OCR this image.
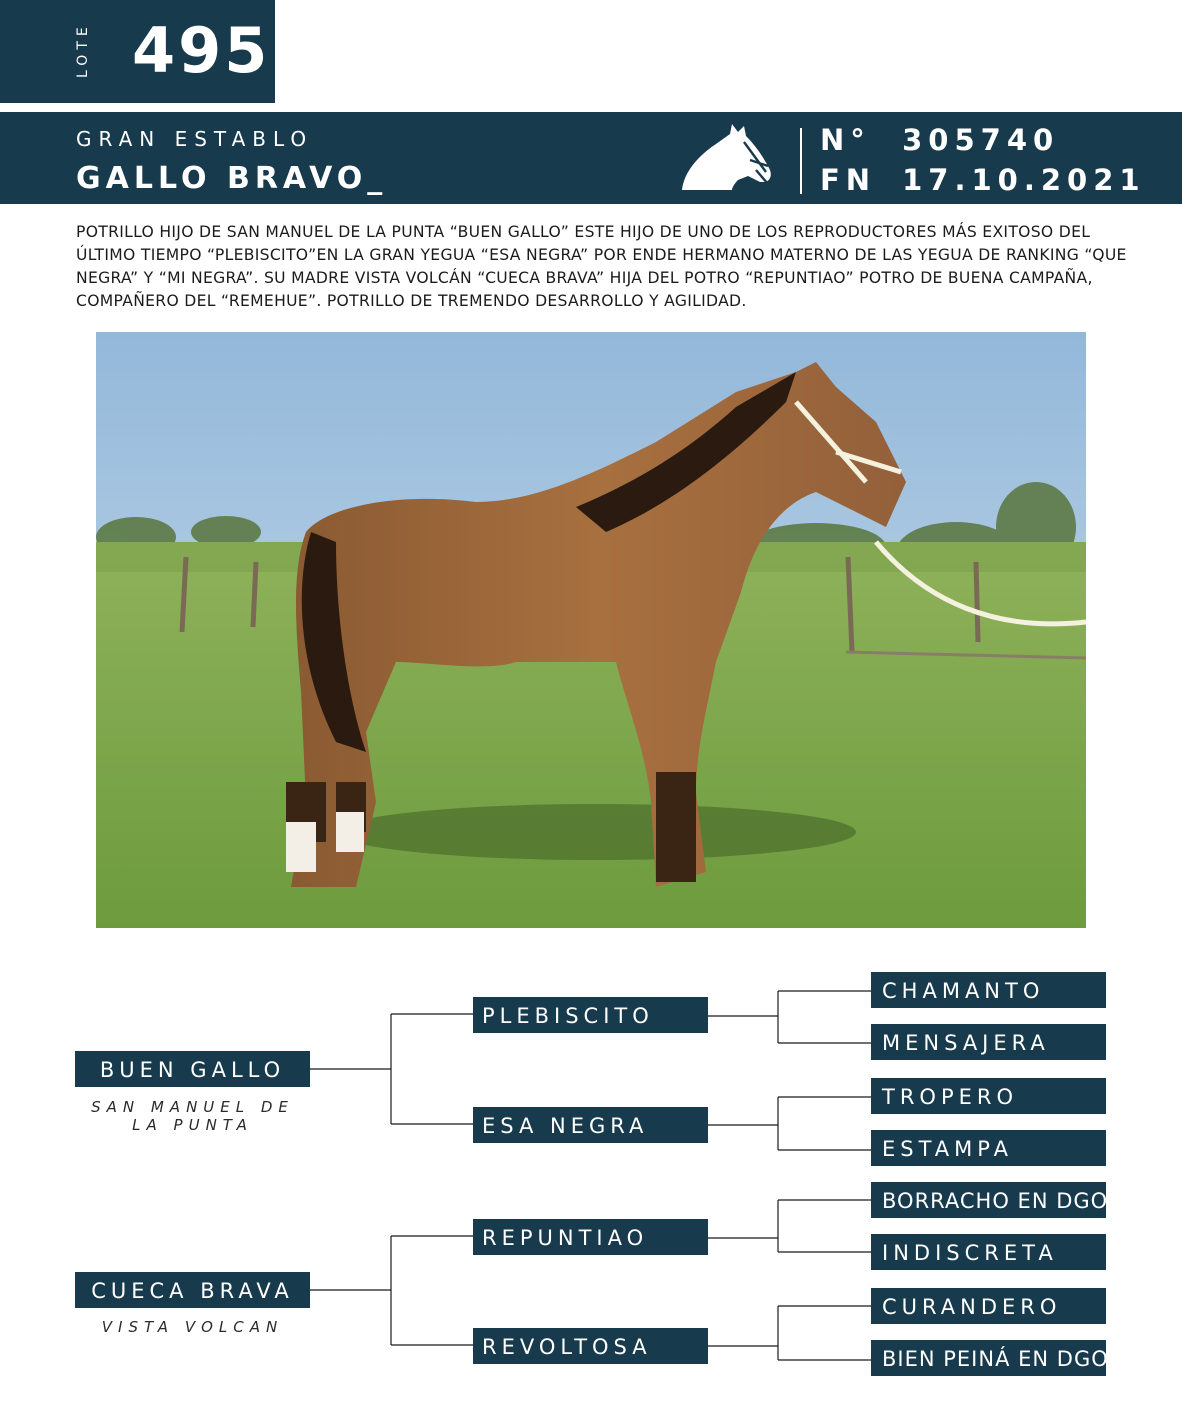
LOTE 495
GRAN ESTABLO
GALLO BRAVO_
N° 305740
FN 17.10.2021

POTRILLO HIJO DE SAN MANUEL DE LA PUNTA “BUEN GALLO” ESTE HIJO DE UNO DE LOS REPRODUCTORES MÁS EXITOSO DEL ÚLTIMO TIEMPO “PLEBISCITO”EN LA GRAN YEGUA “ESA NEGRA” POR ENDE HERMANO MATERNO DE LAS YEGUA DE RANKING “QUE NEGRA” Y “MI NEGRA”. SU MADRE VISTA VOLCÁN “CUECA BRAVA” HIJA DEL POTRO “REPUNTIAO” POTRO DE BUENA CAMPAÑA, COMPAÑERO DEL “REMEHUE”. POTRILLO DE TREMENDO DESARROLLO Y AGILIDAD.

BUEN GALLO
SAN MANUEL DE LA PUNTA
CUECA BRAVA
VISTA VOLCAN
PLEBISCITO
ESA NEGRA
REPUNTIAO
REVOLTOSA
CHAMANTO
MENSAJERA
TROPERO
ESTAMPA
BORRACHO EN DGO
INDISCRETA
CURANDERO
BIEN PEINÁ EN DGO
